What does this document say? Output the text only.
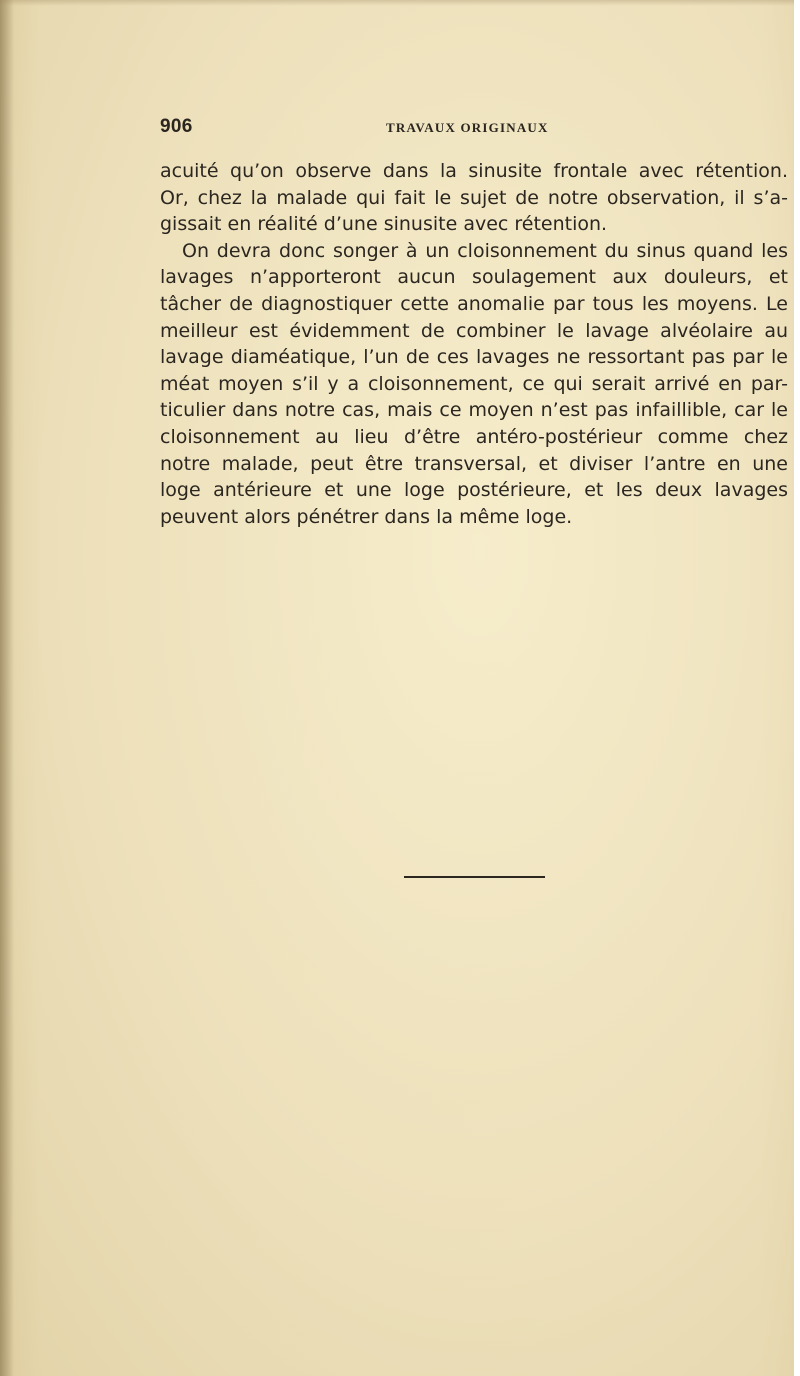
906	TRAVAUX ORIGINAUX
acuité qu’on observe dans la sinusite frontale avec rétention.
Or, chez la malade qui fait le sujet de notre observation, il s’a-
gissait en réalité d’une sinusite avec rétention.
On devra donc songer à un cloisonnement du sinus quand les
lavages n’apporteront aucun soulagement aux douleurs, et
tâcher de diagnostiquer cette anomalie par tous les moyens. Le
meilleur est évidemment de combiner le lavage alvéolaire au
lavage diaméatique, l’un de ces lavages ne ressortant pas par le
méat moyen s’il y a cloisonnement, ce qui serait arrivé en par-
ticulier dans notre cas, mais ce moyen n’est pas infaillible, car le
cloisonnement au lieu d’être antéro-postérieur comme chez
notre malade, peut être transversal, et diviser l’antre en une
loge antérieure et une loge postérieure, et les deux lavages
peuvent alors pénétrer dans la même loge.
